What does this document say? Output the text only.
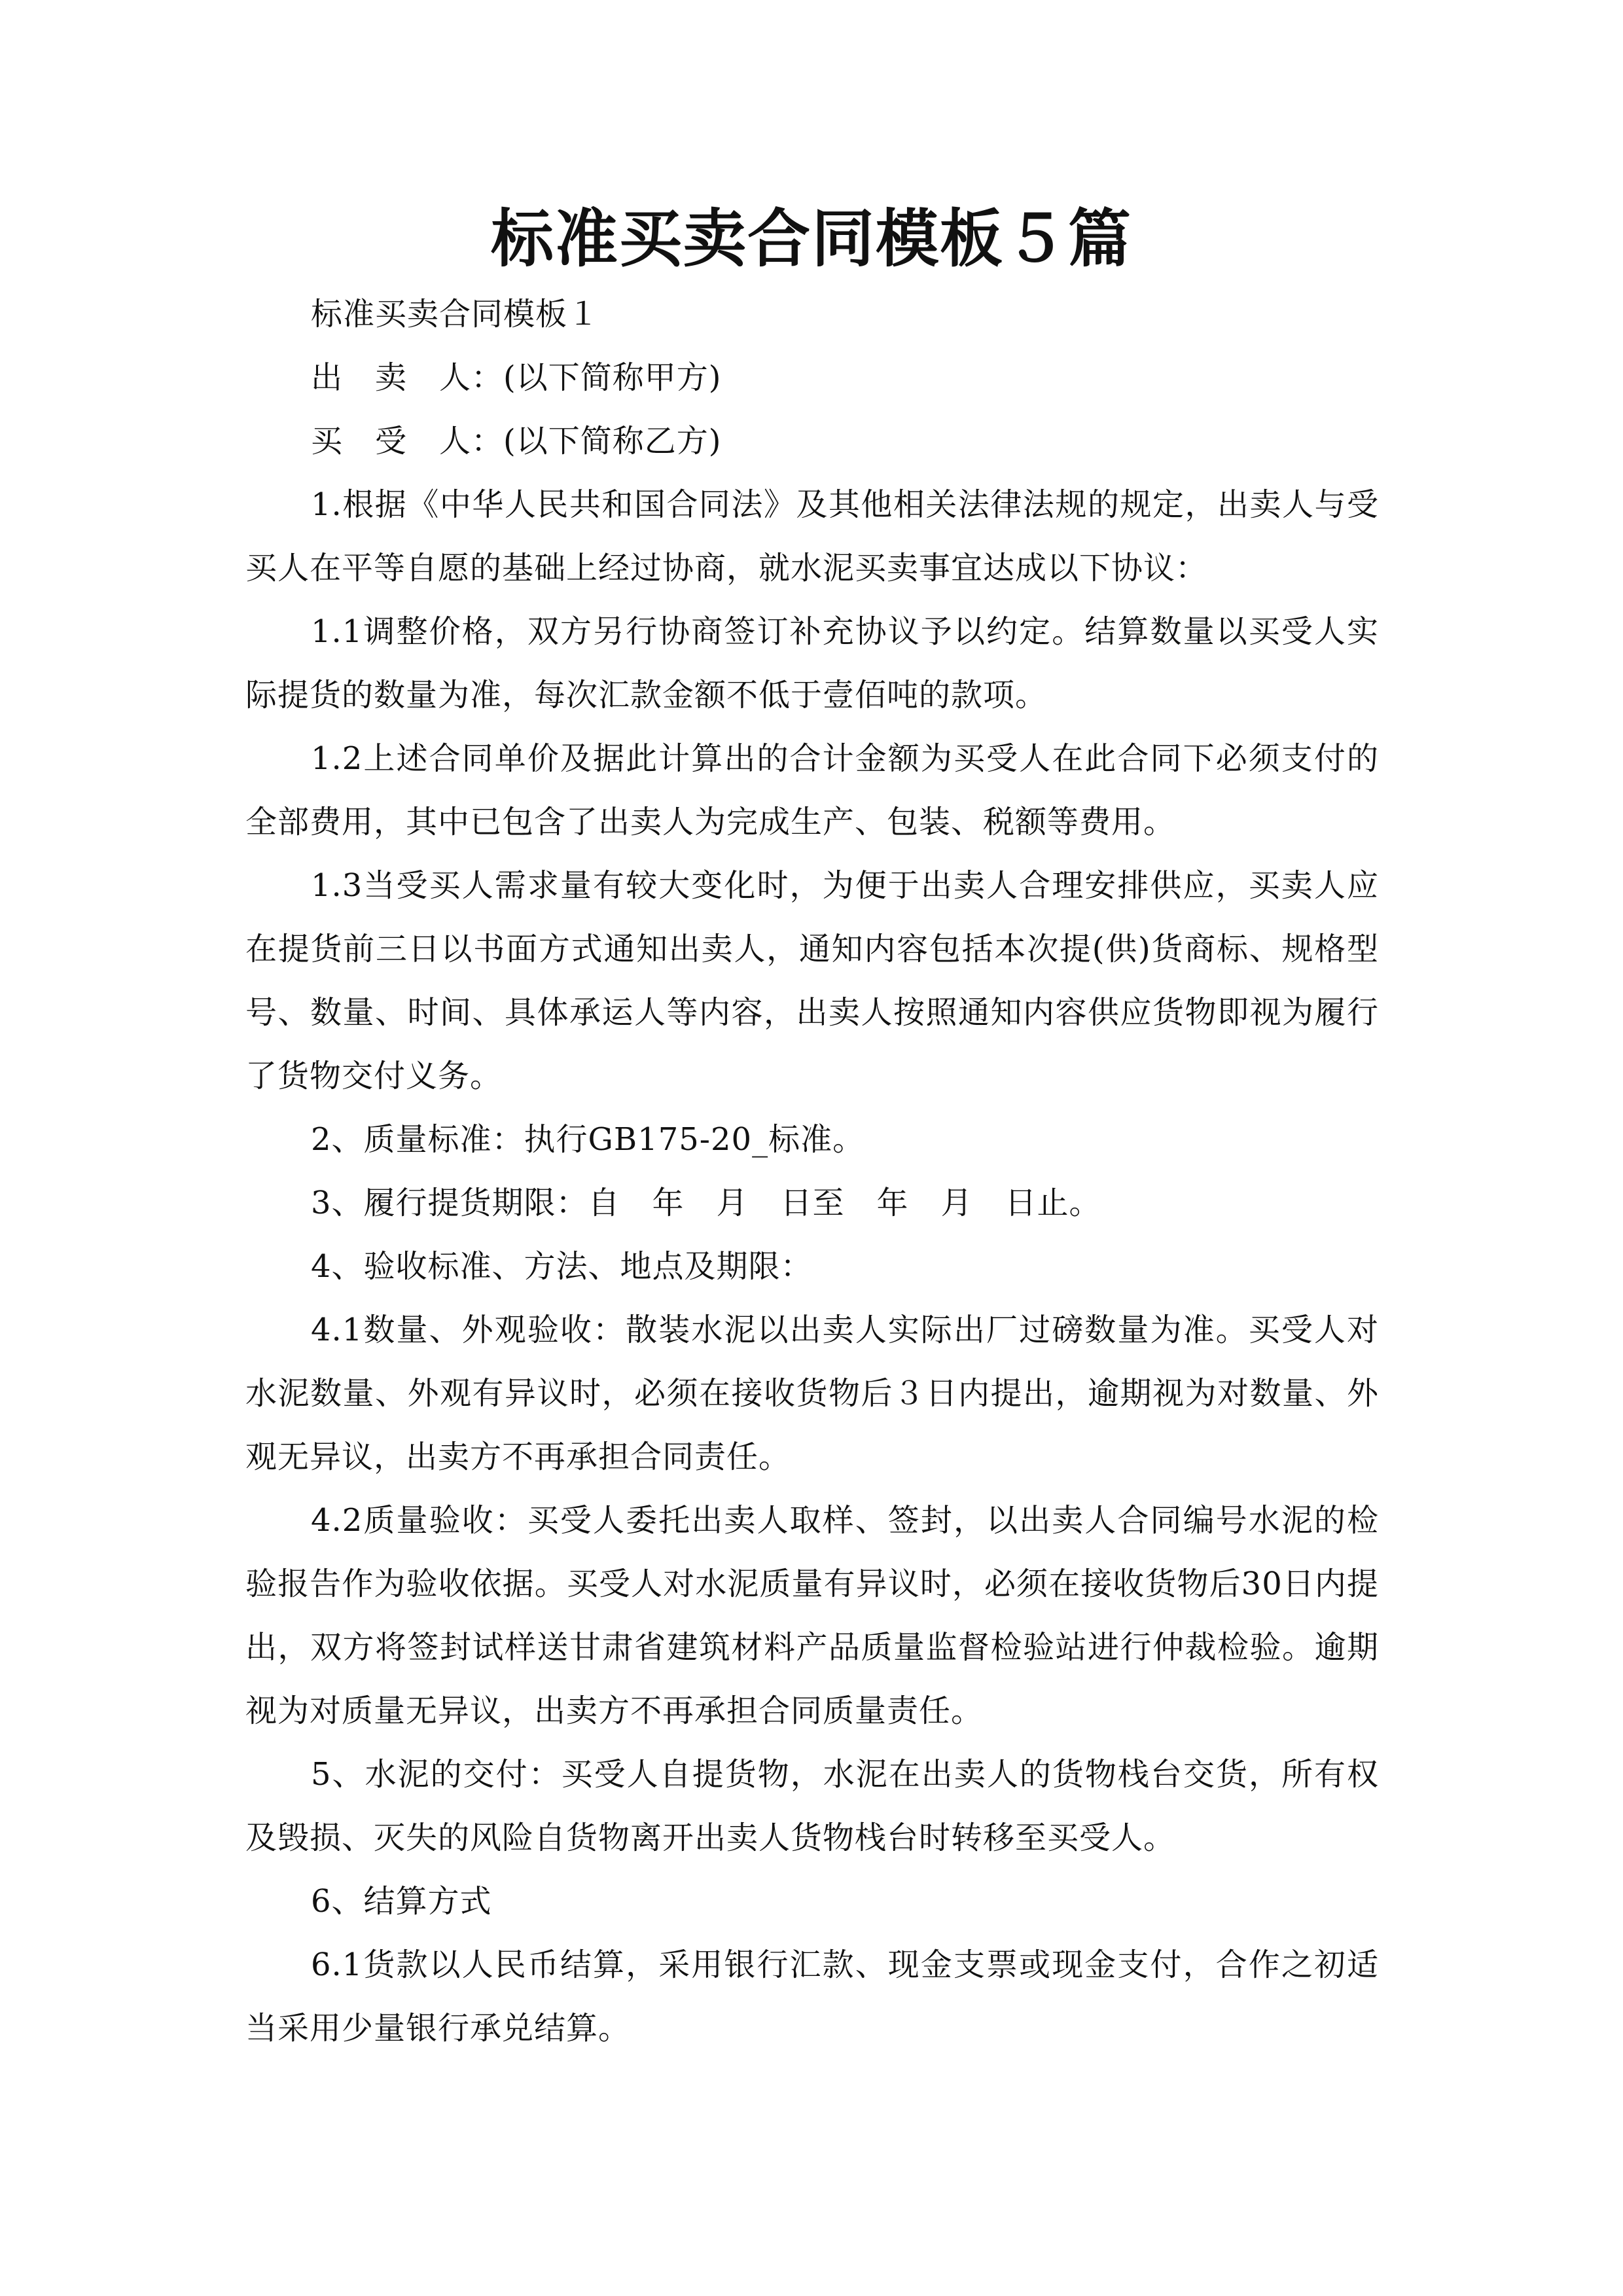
标准买卖合同模板５篇

标准买卖合同模板１

出　卖　人：(以下简称甲方)

买　受　人：(以下简称乙方)

1.根据《中华人民共和国合同法》及其他相关法律法规的规定，出卖人与受买人在平等自愿的基础上经过协商，就水泥买卖事宜达成以下协议：

1.1调整价格，双方另行协商签订补充协议予以约定。结算数量以买受人实际提货的数量为准，每次汇款金额不低于壹佰吨的款项。

1.2上述合同单价及据此计算出的合计金额为买受人在此合同下必须支付的全部费用，其中已包含了出卖人为完成生产、包装、税额等费用。

1.3当受买人需求量有较大变化时，为便于出卖人合理安排供应，买卖人应在提货前三日以书面方式通知出卖人，通知内容包括本次提(供)货商标、规格型号、数量、时间、具体承运人等内容，出卖人按照通知内容供应货物即视为履行了货物交付义务。

2、质量标准：执行GB175-20_标准。

3、履行提货期限：自　年　月　日至　年　月　日止。

4、验收标准、方法、地点及期限：

4.1数量、外观验收：散装水泥以出卖人实际出厂过磅数量为准。买受人对水泥数量、外观有异议时，必须在接收货物后３日内提出，逾期视为对数量、外观无异议，出卖方不再承担合同责任。

4.2质量验收：买受人委托出卖人取样、签封，以出卖人合同编号水泥的检验报告作为验收依据。买受人对水泥质量有异议时，必须在接收货物后30日内提出，双方将签封试样送甘肃省建筑材料产品质量监督检验站进行仲裁检验。逾期视为对质量无异议，出卖方不再承担合同质量责任。

5、水泥的交付：买受人自提货物，水泥在出卖人的货物栈台交货，所有权及毁损、灭失的风险自货物离开出卖人货物栈台时转移至买受人。

6、结算方式

6.1货款以人民币结算，采用银行汇款、现金支票或现金支付，合作之初适当采用少量银行承兑结算。
